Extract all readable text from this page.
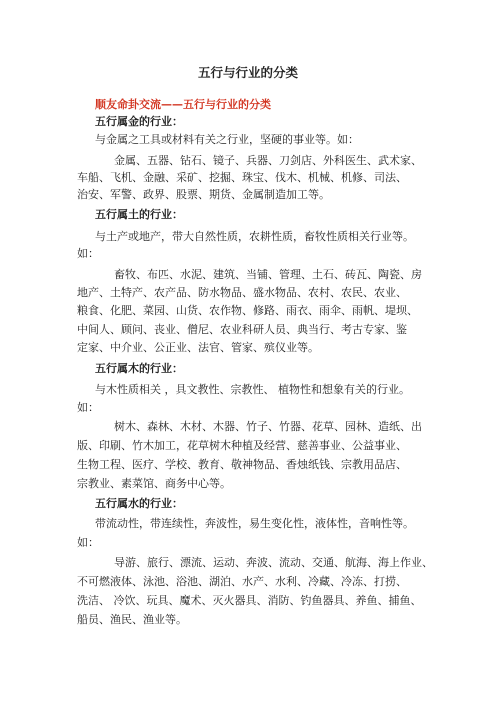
五行与行业的分类
顺友命卦交流——五行与行业的分类
五行属金的行业：
与金属之工具或材料有关之行业，坚硬的事业等。如：
金属、五器、钻石、镜子、兵器、刀剑店、外科医生、武术家、
车船、飞机、金融、采矿、挖掘、珠宝、伐木、机械、机修、司法、
治安、军警、政界、股票、期货、金属制造加工等。
五行属土的行业：
与土产或地产，带大自然性质，农耕性质，畜牧性质相关行业等。
如：
畜牧、布匹、水泥、建筑、当铺、管理、土石、砖瓦、陶瓷、房
地产、土特产、农产品、防水物品、盛水物品、农村、农民、农业、
粮食、化肥、菜园、山货、农作物、修路、雨衣、雨伞、雨帆、堤坝、
中间人、顾问、丧业、僧尼、农业科研人员、典当行、考古专家、鉴
定家、中介业、公正业、法官、管家、殡仪业等。
五行属木的行业：
与木性质相关 ，具文教性、宗教性、 植物性和想象有关的行业。
如：
树木、森林、木材、木器、竹子、竹器、花草、园林、造纸、出
版、印刷、竹木加工，花草树木种植及经营、慈善事业、公益事业、
生物工程、医疗、学校、教育、敬神物品、香烛纸钱、宗教用品店、
宗教业、素菜馆、商务中心等。
五行属水的行业：
带流动性，带连续性，奔波性，易生变化性，液体性，音响性等。
如：
导游、旅行、漂流、运动、奔波、流动、交通、航海、海上作业、
不可燃液体、泳池、浴池、湖泊、水产、水利、冷藏、冷冻、打捞、
洗洁、 冷饮、玩具、魔术、灭火器具、消防、钓鱼器具、养鱼、捕鱼、
船员、渔民、渔业等。
